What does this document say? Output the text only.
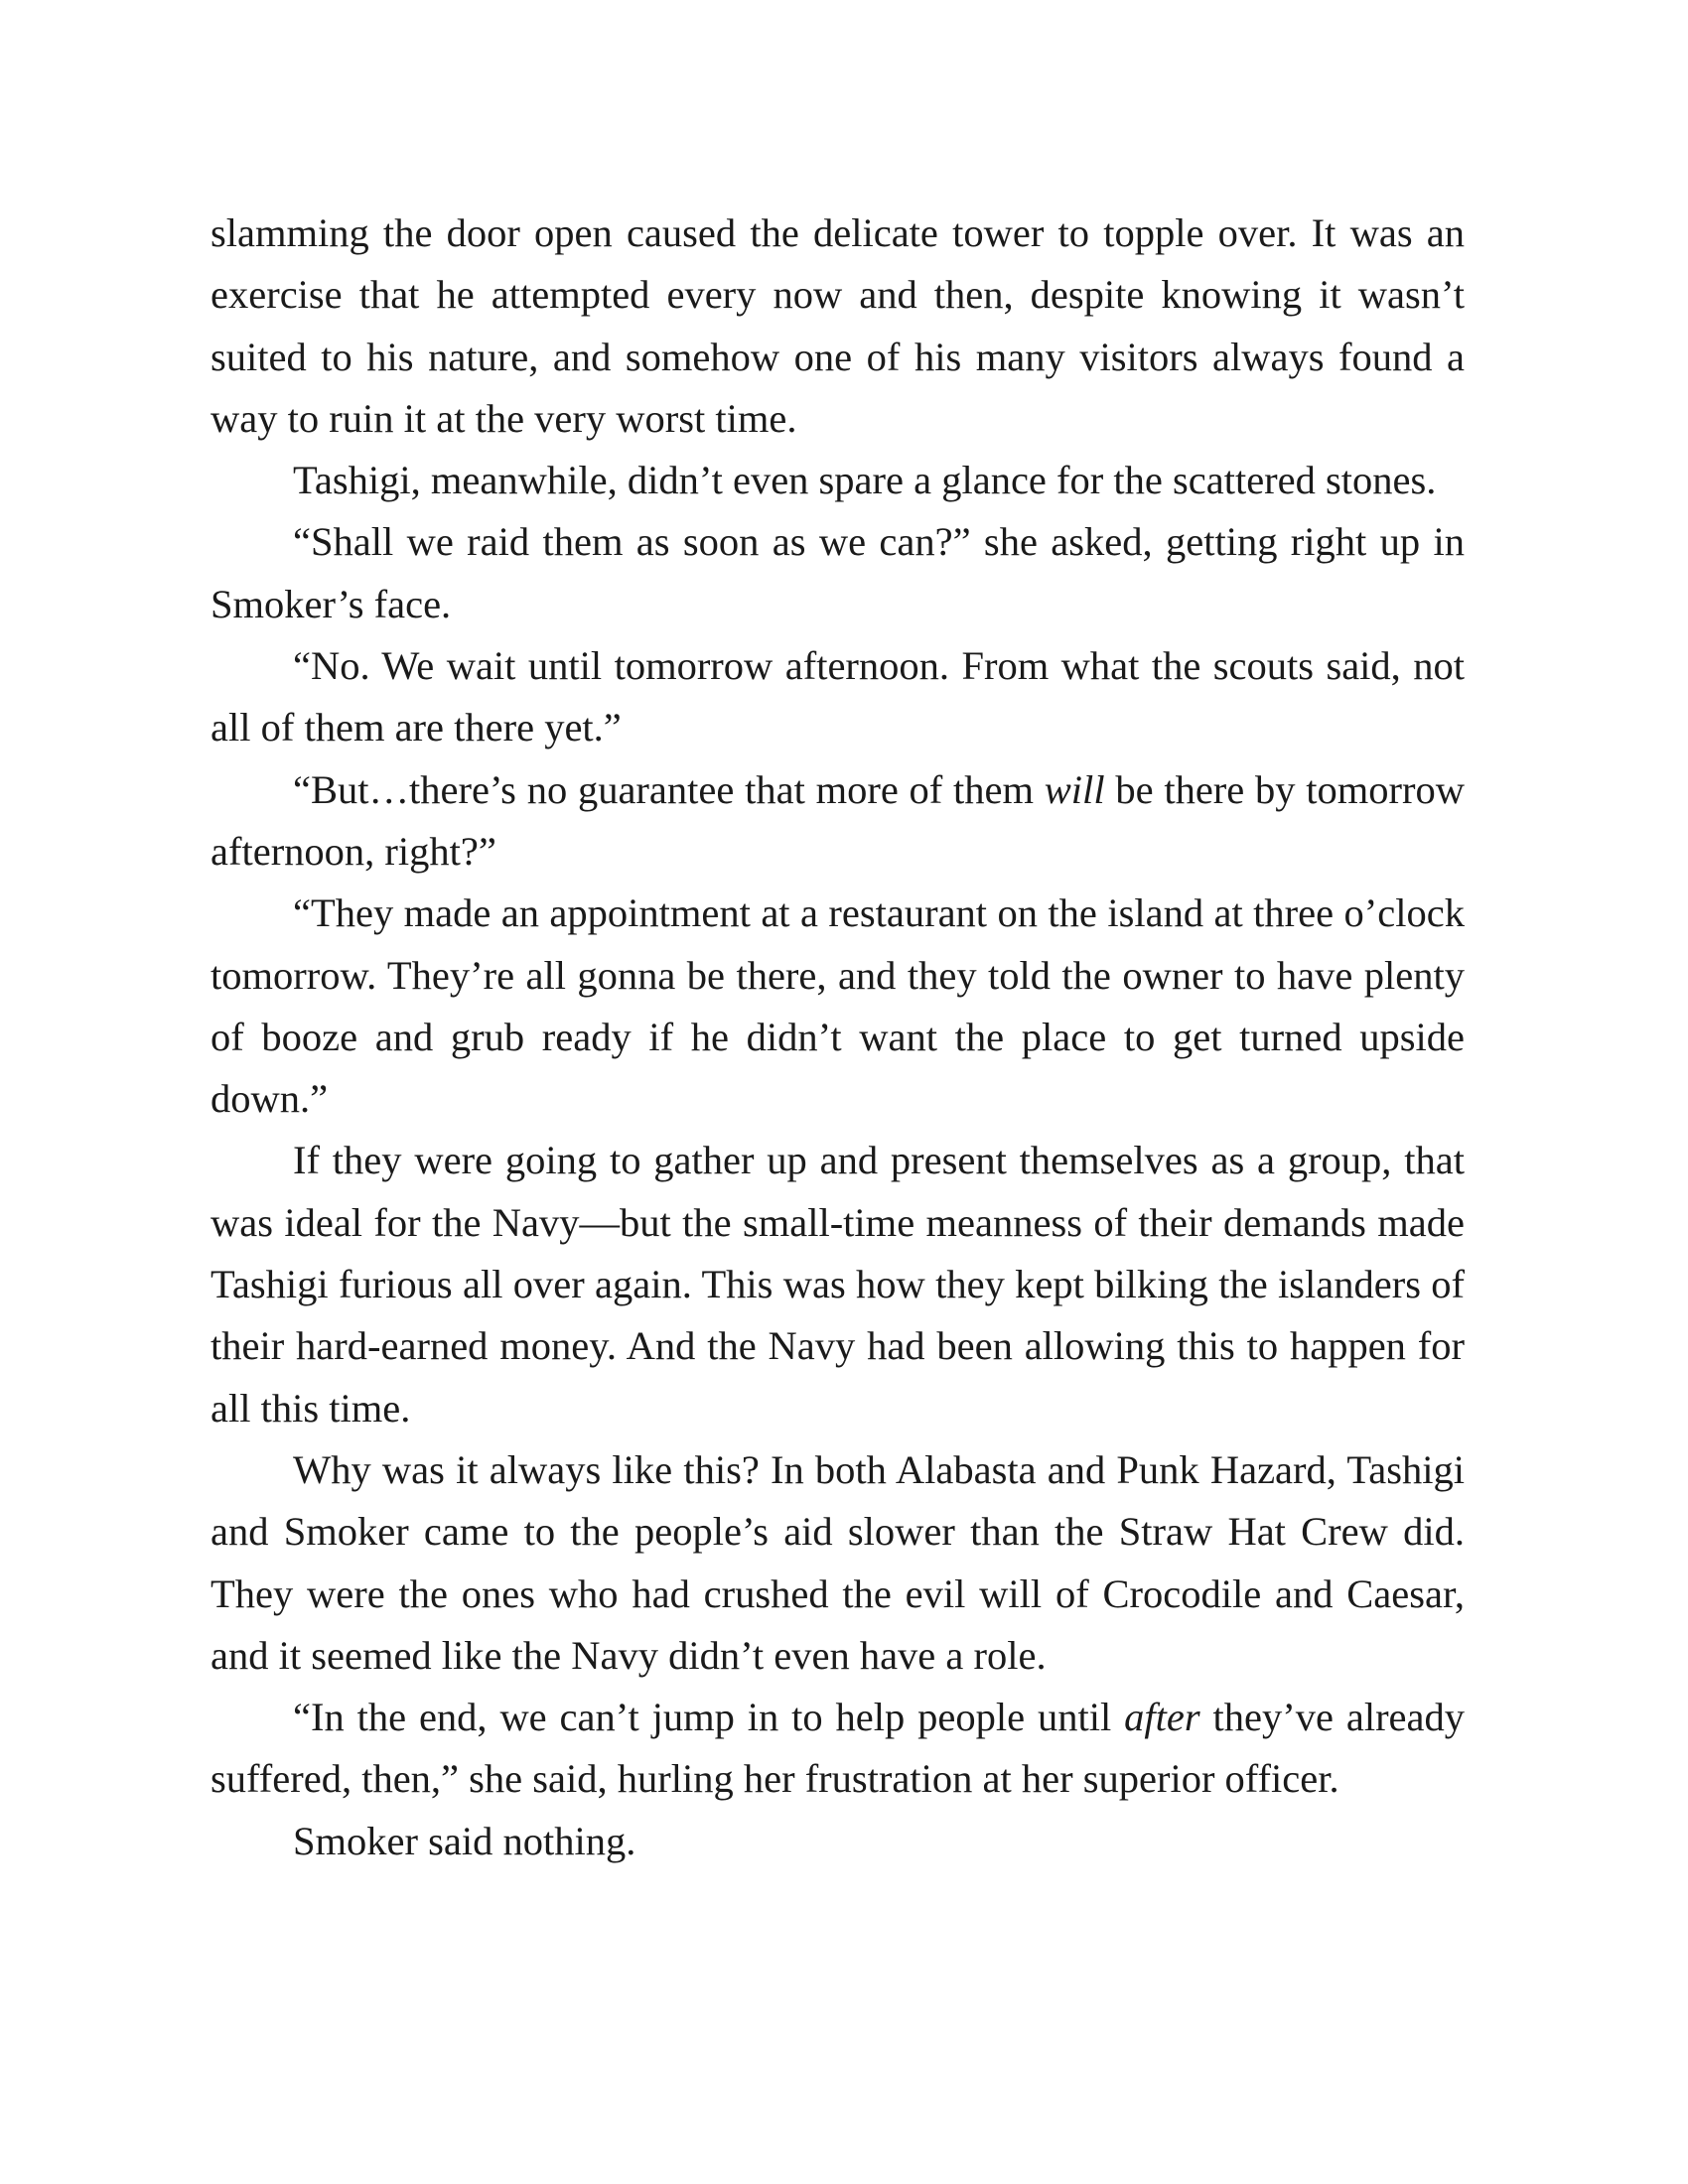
slamming the door open caused the delicate tower to topple over. It was an exercise that he attempted every now and then, despite knowing it wasn’t suited to his nature, and somehow one of his many visitors always found a way to ruin it at the very worst time.

Tashigi, meanwhile, didn’t even spare a glance for the scattered stones.

“Shall we raid them as soon as we can?” she asked, getting right up in Smoker’s face.

“No. We wait until tomorrow afternoon. From what the scouts said, not all of them are there yet.”

“But…there’s no guarantee that more of them will be there by tomorrow afternoon, right?”

“They made an appointment at a restaurant on the island at three o’clock tomorrow. They’re all gonna be there, and they told the owner to have plenty of booze and grub ready if he didn’t want the place to get turned upside down.”

If they were going to gather up and present themselves as a group, that was ideal for the Navy—but the small-time meanness of their demands made Tashigi furious all over again. This was how they kept bilking the islanders of their hard-earned money. And the Navy had been allowing this to happen for all this time.

Why was it always like this? In both Alabasta and Punk Hazard, Tashigi and Smoker came to the people’s aid slower than the Straw Hat Crew did. They were the ones who had crushed the evil will of Crocodile and Caesar, and it seemed like the Navy didn’t even have a role.

“In the end, we can’t jump in to help people until after they’ve already suffered, then,” she said, hurling her frustration at her superior officer.

Smoker said nothing.
